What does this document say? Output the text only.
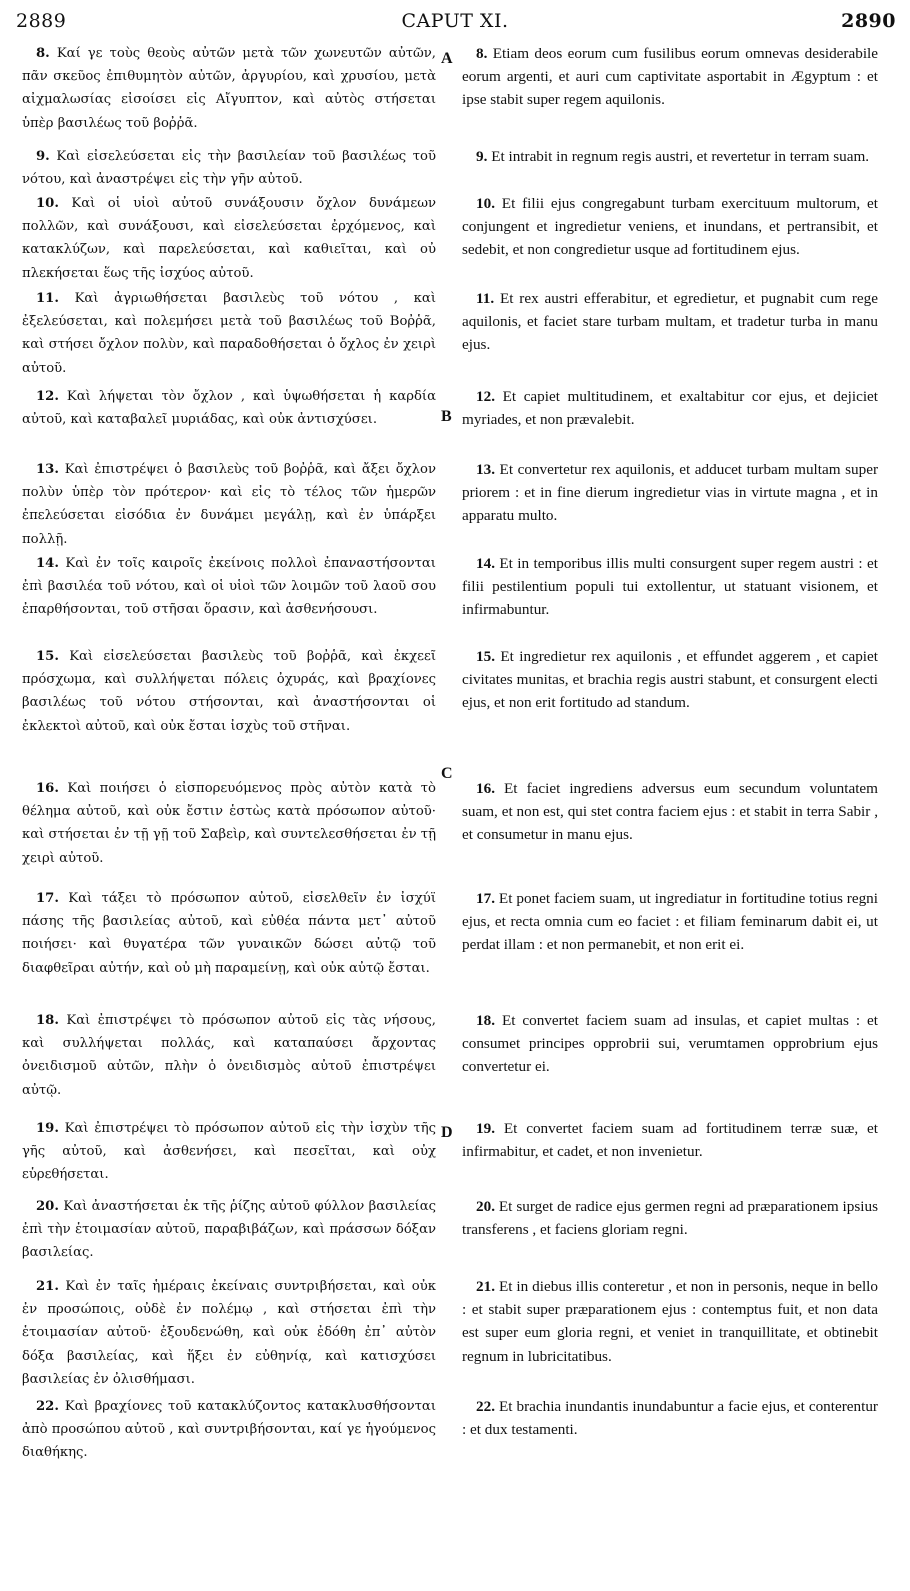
2889	CAPUT XI.	2890
8. Καί γε τοὺς θεοὺς αὐτῶν μετὰ τῶν χωνευτῶν αὐτῶν, πᾶν σκεῦος ἐπιθυμητὸν αὐτῶν, ἀργυρίου, καὶ χρυσίου, μετὰ αἰχμαλωσίας εἰσοίσει εἰς Αἴγυπτον, καὶ αὐτὸς στήσεται ὑπὲρ βασιλέως τοῦ βοῤῥᾶ.
9. Καὶ εἰσελεύσεται εἰς τὴν βασιλείαν τοῦ βασιλέως τοῦ νότου, καὶ ἀναστρέψει εἰς τὴν γῆν αὐτοῦ.
10. Καὶ οἱ υἱοὶ αὐτοῦ συνάξουσιν ὄχλον δυνάμεων πολλῶν, καὶ συνάξουσι, καὶ εἰσελεύσεται ἐρχόμενος, καὶ κατακλύζων, καὶ παρελεύσεται, καὶ καθιεῖται, καὶ οὐ πλεκήσεται ἕως τῆς ἰσχύος αὐτοῦ.
11. Καὶ ἀγριωθήσεται βασιλεὺς τοῦ νότου , καὶ ἐξελεύσεται, καὶ πολεμήσει μετὰ τοῦ βασιλέως τοῦ Βοῤῥᾶ, καὶ στήσει ὄχλον πολὺν, καὶ παραδοθήσεται ὁ ὄχλος ἐν χειρὶ αὐτοῦ.
12. Καὶ λήψεται τὸν ὄχλον , καὶ ὑψωθήσεται ἡ καρδία αὐτοῦ, καὶ καταβαλεῖ μυριάδας, καὶ οὐκ ἀντισχύσει.
13. Καὶ ἐπιστρέψει ὁ βασιλεὺς τοῦ βοῤῥᾶ, καὶ ἄξει ὄχλον πολὺν ὑπὲρ τὸν πρότερον· καὶ εἰς τὸ τέλος τῶν ἡμερῶν ἐπελεύσεται εἰσόδια ἐν δυνάμει μεγάλῃ, καὶ ἐν ὑπάρξει πολλῇ.
14. Καὶ ἐν τοῖς καιροῖς ἐκείνοις πολλοὶ ἐπαναστήσονται ἐπὶ βασιλέα τοῦ νότου, καὶ οἱ υἱοὶ τῶν λοιμῶν τοῦ λαοῦ σου ἐπαρθήσονται, τοῦ στῆσαι ὅρασιν, καὶ ἀσθενήσουσι.
15. Καὶ εἰσελεύσεται βασιλεὺς τοῦ βοῤῥᾶ, καὶ ἐκχεεῖ πρόσχωμα, καὶ συλλήψεται πόλεις ὀχυράς, καὶ βραχίονες βασιλέως τοῦ νότου στήσονται, καὶ ἀναστήσονται οἱ ἐκλεκτοὶ αὐτοῦ, καὶ οὐκ ἔσται ἰσχὺς τοῦ στῆναι.
16. Καὶ ποιήσει ὁ εἰσπορευόμενος πρὸς αὐτὸν κατὰ τὸ θέλημα αὐτοῦ, καὶ οὐκ ἔστιν ἑστὼς κατὰ πρόσωπον αὐτοῦ· καὶ στήσεται ἐν τῇ γῇ τοῦ Σαβεὶρ, καὶ συντελεσθήσεται ἐν τῇ χειρὶ αὐτοῦ.
17. Καὶ τάξει τὸ πρόσωπον αὐτοῦ, εἰσελθεῖν ἐν ἰσχύϊ πάσης τῆς βασιλείας αὐτοῦ, καὶ εὐθέα πάντα μετ᾽ αὐτοῦ ποιήσει· καὶ θυγατέρα τῶν γυναικῶν δώσει αὐτῷ τοῦ διαφθεῖραι αὐτήν, καὶ οὐ μὴ παραμείνῃ, καὶ οὐκ αὐτῷ ἔσται.
18. Καὶ ἐπιστρέψει τὸ πρόσωπον αὐτοῦ εἰς τὰς νήσους, καὶ συλλήψεται πολλάς, καὶ καταπαύσει ἄρχοντας ὀνειδισμοῦ αὐτῶν, πλὴν ὁ ὀνειδισμὸς αὐτοῦ ἐπιστρέψει αὐτῷ.
19. Καὶ ἐπιστρέψει τὸ πρόσωπον αὐτοῦ εἰς τὴν ἰσχὺν τῆς γῆς αὐτοῦ, καὶ ἀσθενήσει, καὶ πεσεῖται, καὶ οὐχ εὑρεθήσεται.
20. Καὶ ἀναστήσεται ἐκ τῆς ῥίζης αὐτοῦ φύλλον βασιλείας ἐπὶ τὴν ἑτοιμασίαν αὐτοῦ, παραβιβάζων, καὶ πράσσων δόξαν βασιλείας.
21. Καὶ ἐν ταῖς ἡμέραις ἐκείναις συντριβήσεται, καὶ οὐκ ἐν προσώποις, οὐδὲ ἐν πολέμῳ , καὶ στήσεται ἐπὶ τὴν ἑτοιμασίαν αὐτοῦ· ἐξουδενώθη, καὶ οὐκ ἐδόθη ἐπ᾽ αὐτὸν δόξα βασιλείας, καὶ ἥξει ἐν εὐθηνίᾳ, καὶ κατισχύσει βασιλείας ἐν ὀλισθήμασι.
22. Καὶ βραχίονες τοῦ κατακλύζοντος κατακλυσθήσονται ἀπὸ προσώπου αὐτοῦ , καὶ συντριβήσονται, καί γε ἡγούμενος διαθήκης.
8. Etiam deos eorum cum fusilibus eorum omnevas desiderabile eorum argenti, et auri cum captivitate asportabit in Ægyptum : et ipse stabit super regem aquilonis.
9. Et intrabit in regnum regis austri, et revertetur in terram suam.
10. Et filii ejus congregabunt turbam exercituum multorum, et conjungent et ingredietur veniens, et inundans, et pertransibit, et sedebit, et non congredietur usque ad fortitudinem ejus.
11. Et rex austri efferabitur, et egredietur, et pugnabit cum rege aquilonis, et faciet stare turbam multam, et tradetur turba in manu ejus.
12. Et capiet multitudinem, et exaltabitur cor ejus, et dejiciet myriades, et non prævalebit.
13. Et convertetur rex aquilonis, et adducet turbam multam super priorem : et in fine dierum ingredietur vias in virtute magna , et in apparatu multo.
14. Et in temporibus illis multi consurgent super regem austri : et filii pestilentium populi tui extollentur, ut statuant visionem, et infirmabuntur.
15. Et ingredietur rex aquilonis , et effundet aggerem , et capiet civitates munitas, et brachia regis austri stabunt, et consurgent electi ejus, et non erit fortitudo ad standum.
16. Et faciet ingrediens adversus eum secundum voluntatem suam, et non est, qui stet contra faciem ejus : et stabit in terra Sabir , et consumetur in manu ejus.
17. Et ponet faciem suam, ut ingrediatur in fortitudine totius regni ejus, et recta omnia cum eo faciet : et filiam feminarum dabit ei, ut perdat illam : et non permanebit, et non erit ei.
18. Et convertet faciem suam ad insulas, et capiet multas : et consumet principes opprobrii sui, verumtamen opprobrium ejus convertetur ei.
19. Et convertet faciem suam ad fortitudinem terræ suæ, et infirmabitur, et cadet, et non invenietur.
20. Et surget de radice ejus germen regni ad præparationem ipsius transferens , et faciens gloriam regni.
21. Et in diebus illis conteretur , et non in personis, neque in bello : et stabit super præparationem ejus : contemptus fuit, et non data est super eum gloria regni, et veniet in tranquillitate, et obtinebit regnum in lubricitatibus.
22. Et brachia inundantis inundabuntur a facie ejus, et conterentur : et dux testamenti.
A
B
C
D
